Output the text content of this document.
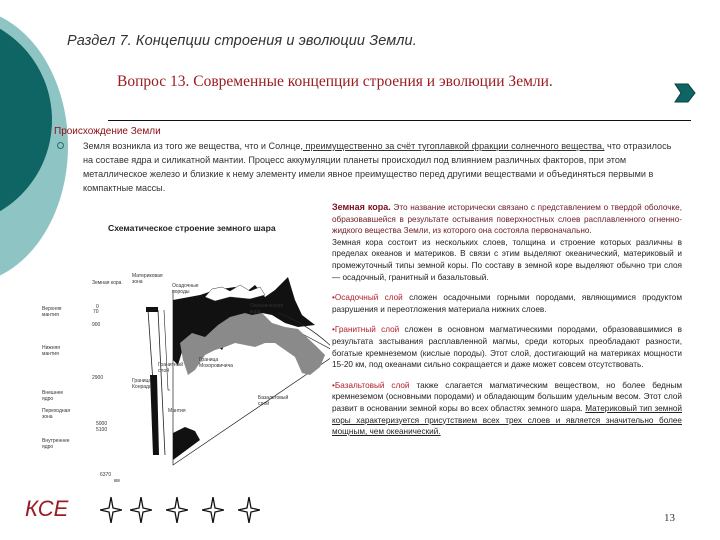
Раздел 7. Концепции строения и эволюции Земли.
Вопрос 13. Современные концепции строения и эволюции Земли.
Происхождение Земли
Земля возникла из того же вещества, что и Солнце, преимущественно за счёт тугоплавкой фракции солнечного вещества, что отразилось на составе ядра и силикатной мантии. Процесс аккумуляции планеты происходил под влиянием различных факторов, при этом металлическое железо и близкие к нему элементу имели явное преимущество перед другими веществами и объединяться первыми в компактные массы.
Схематическое строение земного шара
Земная кора
Верхняя мантия
Нижняя мантия
Внешнее ядро
Переходная зона
Внутреннее ядро
Материковая зона
Осадочные породы
Океаническая кора
Гранитный слой
Граница Конрада
Граница Мохоровичича
Базальтовый слой
Мантия
0
70
900
2900
5000
5100
6370
км

Земная кора. Это название исторически связано с представлением о твердой оболочке, образовавшейся в результате остывания поверхностных слоев расплавленного огненно-жидкого вещества Земли, из которого она состояла первоначально.

Земная кора состоит из нескольких слоев, толщина и строение которых различны в пределах океанов и материков. В связи с этим выделяют океанический, материковый и промежуточный типы земной коры. По составу в земной коре выделяют обычно три слоя — осадочный, гранитный и базальтовый.

•Осадочный слой сложен осадочными горными породами, являющимися продуктом разрушения и переотложения материала нижних слоев.

•Гранитный слой сложен в основном магматическими породами, образовавшимися в результата застывания расплавленной магмы, среди которых преобладают разности, богатые кремнеземом (кислые породы). Этот слой, достигающий на материках мощности 15-20 км, под океанами сильно сокращается и даже может совсем отсутствовать.

•Базальтовый слой также слагается магматическим веществом, но более бедным кремнеземом (основными породами) и обладающим большим удельным весом. Этот слой развит в основании земной коры во всех областях земного шара. Материковый тип земной коры характеризуется присутствием всех трех слоев и является значительно более мощным, чем океанический.

КСЕ	13
